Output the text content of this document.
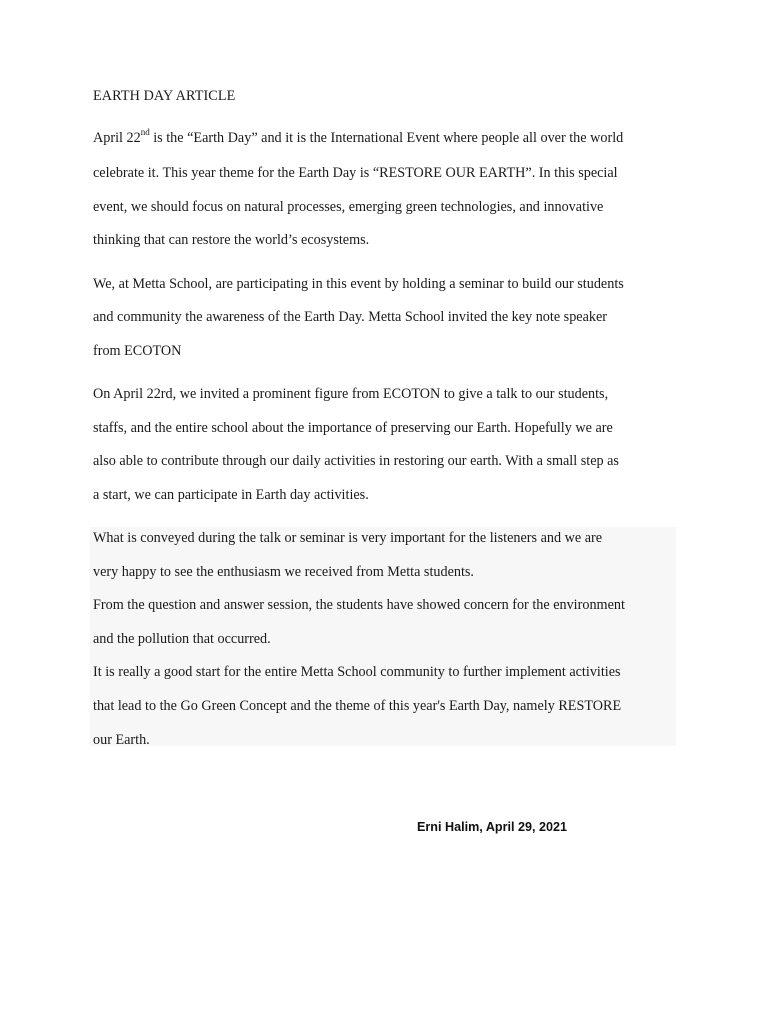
EARTH DAY ARTICLE
April 22nd is the “Earth Day” and it is the International Event where people all over the world
celebrate it. This year theme for the Earth Day is “RESTORE OUR EARTH”. In this special
event, we should focus on natural processes, emerging green technologies, and innovative
thinking that can restore the world’s ecosystems.
We, at Metta School, are participating in this event by holding a seminar to build our students
and community the awareness of the Earth Day. Metta School invited the key note speaker
from ECOTON
On April 22rd, we invited a prominent figure from ECOTON to give a talk to our students,
staffs, and the entire school about the importance of preserving our Earth. Hopefully we are
also able to contribute through our daily activities in restoring our earth. With a small step as
a start, we can participate in Earth day activities.
What is conveyed during the talk or seminar is very important for the listeners and we are
very happy to see the enthusiasm we received from Metta students.
From the question and answer session, the students have showed concern for the environment
and the pollution that occurred.
It is really a good start for the entire Metta School community to further implement activities
that lead to the Go Green Concept and the theme of this year's Earth Day, namely RESTORE
our Earth.
Erni Halim, April 29, 2021
